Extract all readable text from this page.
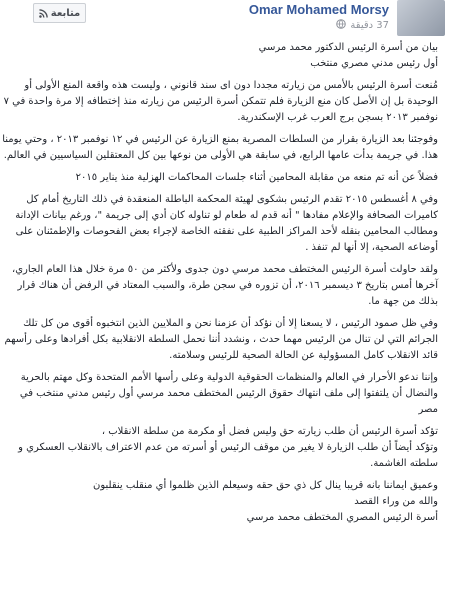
متابعة	Omar Mohamed Morsy
37 دقيقة

بيان من أسرة الرئيس الدكتور محمد مرسي

أول رئيس مدني مصري منتخب

مُنعت أسرة الرئيس بالأمس من زيارته مجددا دون اى سند قانوني ، وليست هذه واقعة المنع الأولى أو الوحيدة بل إن الأصل كان منع الزيارة فلم تتمكن أسرة الرئيس من زيارته منذ إختطافه إلا مرة واحدة في ٧ نوفمبر ٢٠١٣ بسجن برج العرب غرب الإسكندرية.

وفوجئنا بعد الزيارة بقرار من السلطات المصرية بمنع الزيارة عن الرئيس في ١٢ نوفمبر ٢٠١٣ ، وحتي يومنا هذا. في جريمة بدأت عامها الرابع، في سابقة هي الأولى من نوعها بين كل المعتقلين السياسيين في العالم.

فضلاً عن أنه تم منعه من مقابلة المحامين أثناء جلسات المحاكمات الهزلية منذ يناير ٢٠١٥

وفي ٨ أغسطس ٢٠١٥ تقدم الرئيس بشكوى لهيئة المحكمة الباطلة المنعقدة في ذلك التاريخ أمام كل كاميرات الصحافة والإعلام مفادها " أنه قدم له طعام لو تناوله كان أدي إلى جريمة "، ورغم بيانات الإدانة ومطالب المحامين بنقله لأحد المراكز الطبية على نفقته الخاصة لإجراء بعض الفحوصات والإطمئنان على أوضاعه الصحية، إلا أنها لم تنفذ .

ولقد حاولت أسرة الرئيس المختطف محمد مرسي دون جدوى ولأكثر من ٥٠ مرة خلال هذا العام الجاري، آخرها أمس بتاريخ ٣ ديسمبر ٢٠١٦، أن تزوره في سجن طرة، والسبب المعتاد في الرفض أن هناك قرار بذلك من جهة ما.

وفي ظل صمود الرئيس ، لا يسعنا إلا أن نؤكد أن عزمنا نحن و الملايين الذين انتخبوه أقوى من كل تلك الجرائم التي لن تنال من الرئيس مهما حدث ، ونشدد أننا نحمل السلطة الانقلابية بكل أفرادها وعلى رأسهم قائد الانقلاب كامل المسؤولية عن الحالة الصحية للرئيس وسلامته.

وإننا ندعو الأحرار في العالم والمنظمات الحقوقية الدولية وعلى رأسها الأمم المتحدة وكل مهتم بالحرية والنضال أن يلتفتوا إلى ملف انتهاك حقوق الرئيس المختطف محمد مرسي أول رئيس مدني منتخب في مصر

تؤكد أسرة الرئيس أن طلب زيارته حق وليس فضل أو مكرمة من سلطة الانقلاب ،

وتؤكد أيضاً أن طلب الزيارة لا يغير من موقف الرئيس أو أسرته من عدم الاعتراف بالانقلاب العسكري و سلطته الغاشمة.

وعميق ايماننا بانه قريبا ينال كل ذي حق حقه وسيعلم الذين ظلموا أي منقلب ينقلبون

والله من وراء القصد

أسرة الرئيس المصري المختطف محمد مرسي
